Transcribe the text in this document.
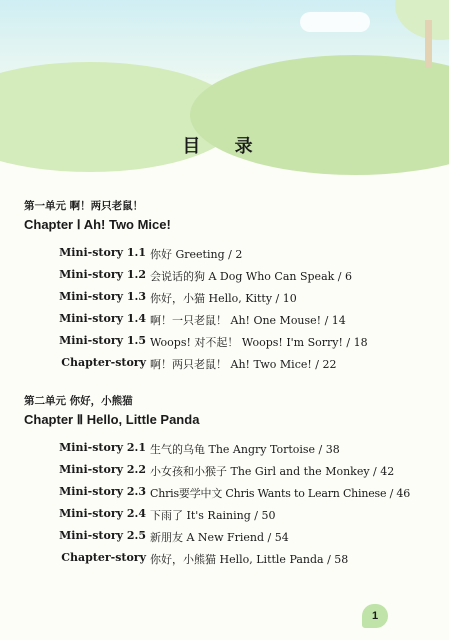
目 录
第一单元 啊！两只老鼠！
Chapter Ⅰ Ah! Two Mice!
Mini-story 1.1 你好 Greeting / 2
Mini-story 1.2 会说话的狗 A Dog Who Can Speak / 6
Mini-story 1.3 你好，小猫 Hello, Kitty / 10
Mini-story 1.4 啊！一只老鼠！ Ah! One Mouse! / 14
Mini-story 1.5 Woops! 对不起！ Woops! I'm Sorry! / 18
Chapter-story 啊！两只老鼠！ Ah! Two Mice! / 22
第二单元 你好，小熊猫
Chapter Ⅱ Hello, Little Panda
Mini-story 2.1 生气的乌龟 The Angry Tortoise / 38
Mini-story 2.2 小女孩和小猴子 The Girl and the Monkey / 42
Mini-story 2.3 Chris要学中文 Chris Wants to Learn Chinese / 46
Mini-story 2.4 下雨了 It's Raining / 50
Mini-story 2.5 新朋友 A New Friend / 54
Chapter-story 你好，小熊猫 Hello, Little Panda / 58
1
